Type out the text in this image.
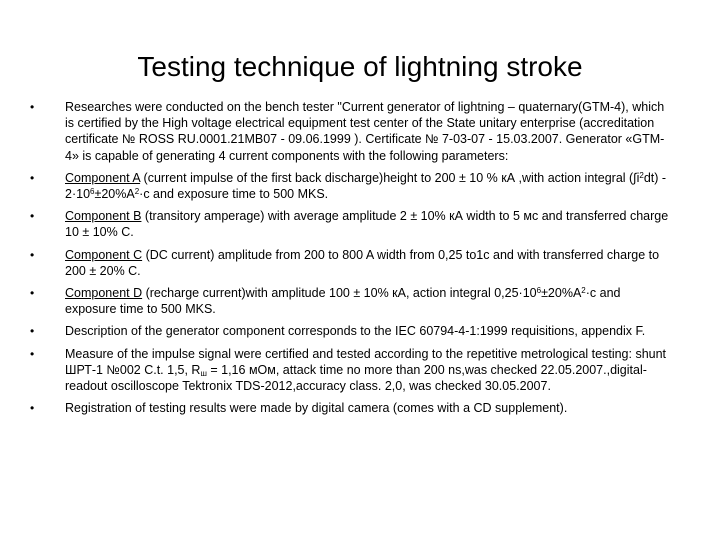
Testing technique of lightning stroke
• Researches were conducted on the bench tester "Current generator of lightning – quaternary(GTM-4), which is certified by the High voltage electrical equipment test center of the State unitary enterprise (accreditation certificate № ROSS RU.0001.21MB07 - 09.06.1999 ). Certificate № 7-03-07 - 15.03.2007. Generator «GTM-4» is capable of generating 4 current components with the following parameters:
• Component A (current impulse of the first back discharge)height to 200 ± 10 % кА ,with action integral $(\int i^2dt) - 2\cdot 10^6\pm 20\%А^2\cdot с$ and exposure time to 500 MKS.
• Component B (transitory amperage) with average amplitude 2 ± 10% кА width to 5 мс and transferred charge 10 ± 10% C.
• Component C (DC current) amplitude from 200 to 800 A width from 0,25 to1с and with transferred charge to 200 ± 20% C.
• Component D (recharge current)with amplitude 100 ± 10% кА, action integral $0,25\cdot 10^6\pm 20\%А^2\cdot с$ and exposure time to 500 MKS.
• Description of the generator component corresponds to the IEC 60794-4-1:1999 requisitions, appendix F.
• Measure of the impulse signal were certified and tested according to the repetitive metrological testing: shunt ШРТ-1 №002 C.t. 1,5, $R_ш = 1,16$ мОм, attack time no more than 200 ns,was checked 22.05.2007.,digital-readout oscilloscope Tektronix TDS-2012,accuracy class. 2,0, was checked 30.05.2007.
• Registration of testing results were made by digital camera (comes with a CD supplement).
